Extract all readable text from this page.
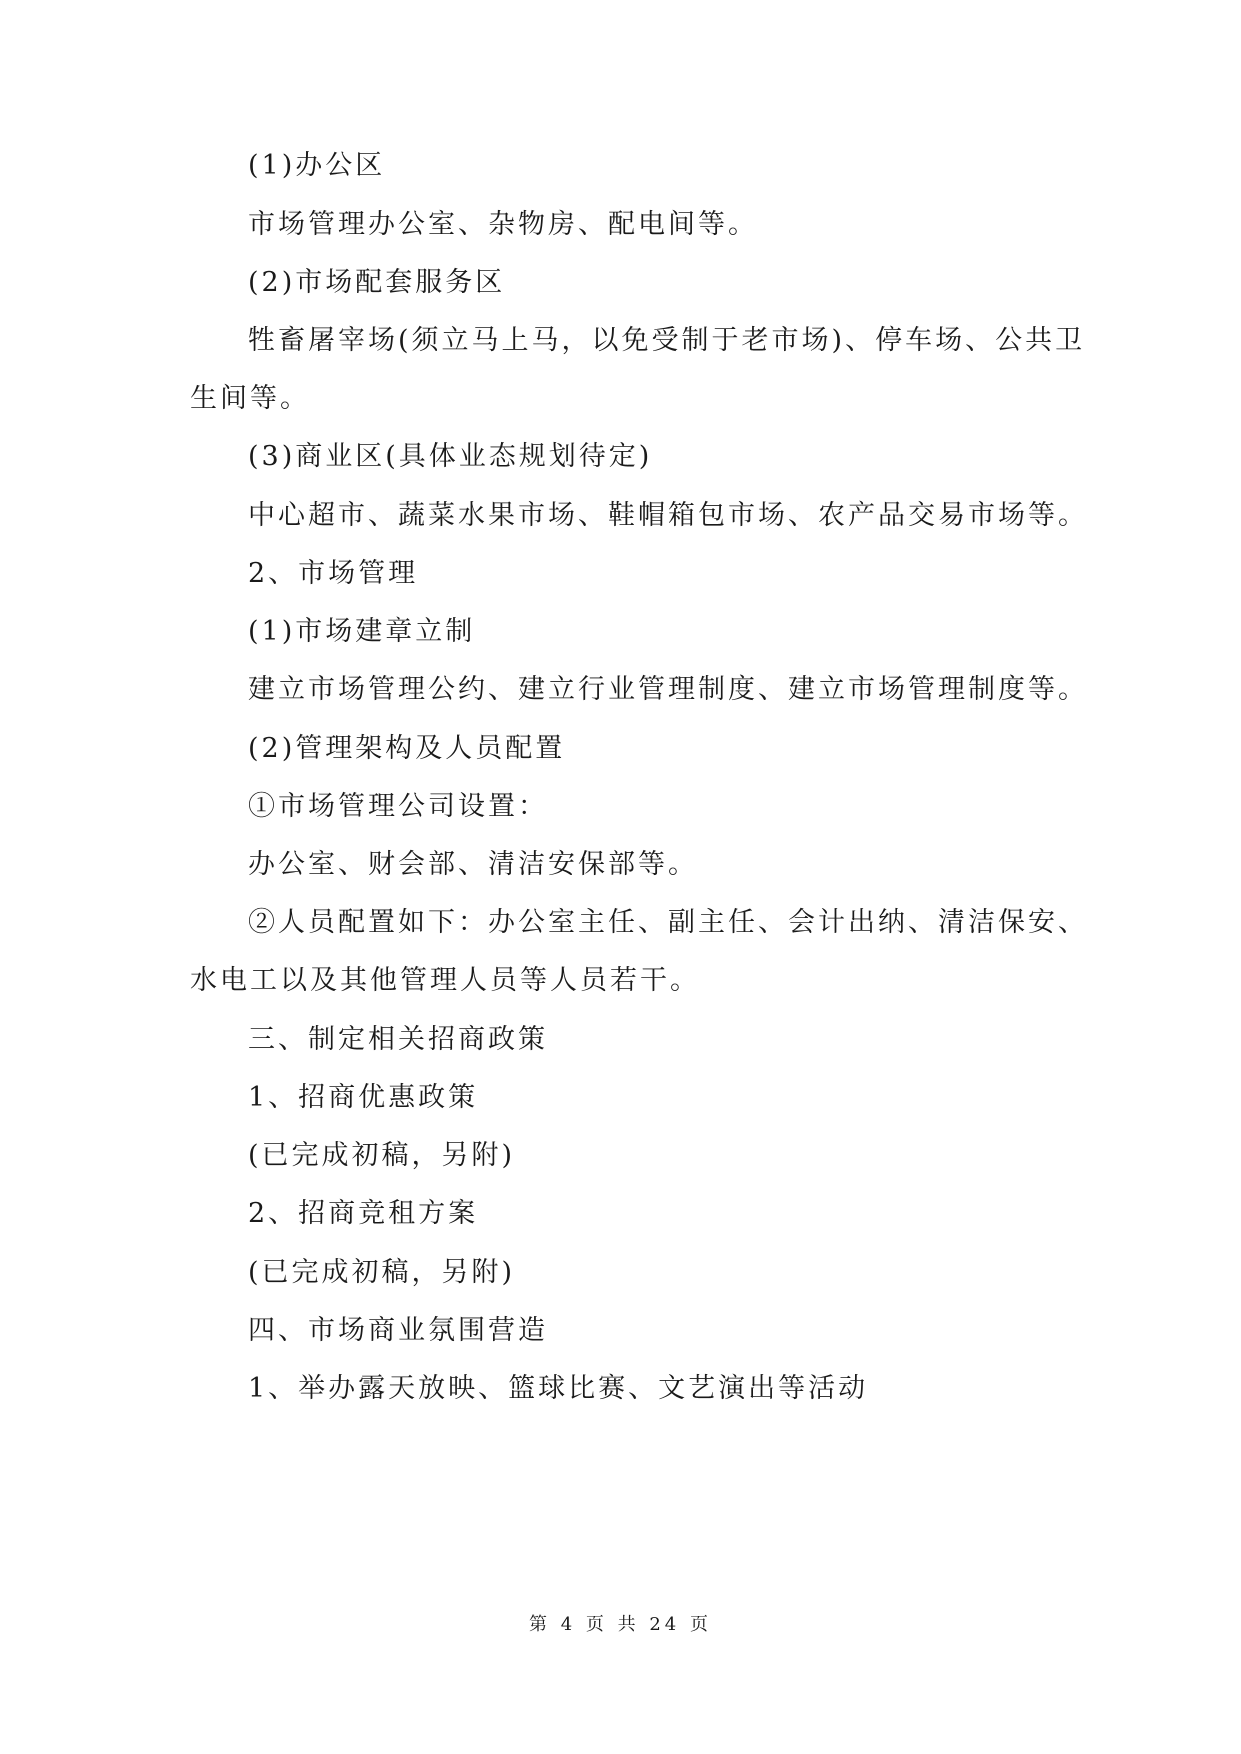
(1)办公区
市场管理办公室、杂物房、配电间等。
(2)市场配套服务区
牲畜屠宰场(须立马上马，以免受制于老市场)、停车场、公共卫
生间等。
(3)商业区(具体业态规划待定)
中心超市、蔬菜水果市场、鞋帽箱包市场、农产品交易市场等。
2、市场管理
(1)市场建章立制
建立市场管理公约、建立行业管理制度、建立市场管理制度等。
(2)管理架构及人员配置
①市场管理公司设置：
办公室、财会部、清洁安保部等。
②人员配置如下：办公室主任、副主任、会计出纳、清洁保安、
水电工以及其他管理人员等人员若干。
三、制定相关招商政策
1、招商优惠政策
(已完成初稿，另附)
2、招商竞租方案
(已完成初稿，另附)
四、市场商业氛围营造
1、举办露天放映、篮球比赛、文艺演出等活动
第 4 页 共 24 页
